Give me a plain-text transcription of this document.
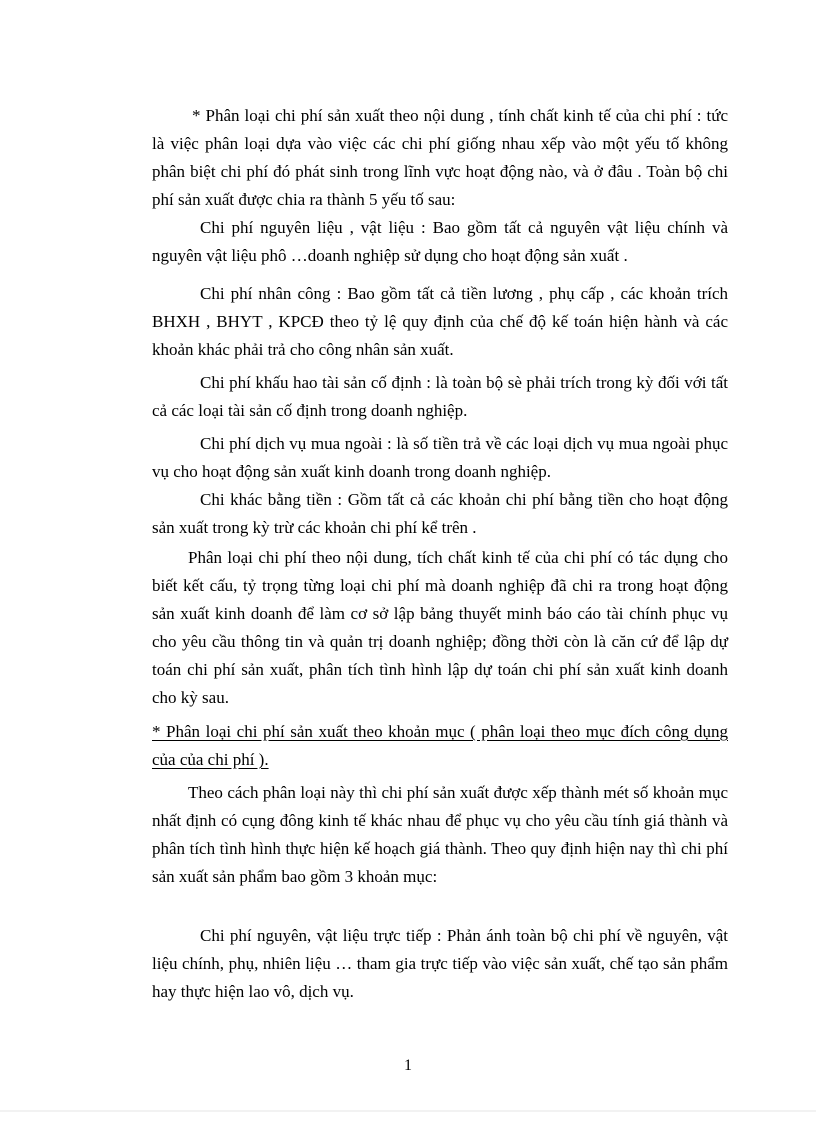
* Phân loại chi phí sản xuất theo nội dung , tính chất kinh tế của chi phí : tức là việc phân loại dựa vào việc các chi phí giống nhau xếp vào một yếu tố không phân biệt chi phí đó phát sinh trong lĩnh vực hoạt động nào, và ở đâu . Toàn bộ chi phí sản xuất được chia ra thành 5 yếu tố sau:

Chi phí nguyên liệu , vật liệu : Bao gồm tất cả nguyên vật liệu chính và nguyên vật liệu phô …doanh nghiệp sử dụng cho hoạt động sản xuất .

Chi phí nhân công : Bao gồm tất cả tiền lương , phụ cấp , các khoản trích BHXH , BHYT , KPCĐ theo tỷ lệ quy định của chế độ kế toán hiện hành và các khoản khác phải trả cho công nhân sản xuất.

Chi phí khấu hao tài sản cố định : là toàn bộ sè phải trích trong kỳ đối với tất cả các loại tài sản cố định trong doanh nghiệp.

Chi phí dịch vụ mua ngoài : là số tiền trả về các loại dịch vụ mua ngoài phục vụ cho hoạt động sản xuất kinh doanh trong doanh nghiệp.

Chi khác bằng tiền : Gồm tất cả các khoản chi phí bằng tiền cho hoạt động sản xuất trong kỳ trừ các khoản chi phí kể trên .

Phân loại chi phí theo nội dung, tích chất kinh tế của chi phí có tác dụng cho biết kết cấu, tỷ trọng từng loại chi phí mà doanh nghiệp đã chi ra trong hoạt động sản xuất kinh doanh để làm cơ sở lập bảng thuyết minh báo cáo tài chính phục vụ cho yêu cầu thông tin và quản trị doanh nghiệp; đồng thời còn là căn cứ để lập dự toán chi phí sản xuất, phân tích tình hình lập dự toán chi phí sản xuất kinh doanh cho kỳ sau.

* Phân loại chi phí sản xuất theo khoản mục ( phân loại theo mục đích công dụng của của chi phí ).

Theo cách phân loại này thì chi phí sản xuất được xếp thành mét số khoản mục nhất định có cụng đông kinh tế khác nhau để phục vụ cho yêu cầu tính giá thành và phân tích tình hình thực hiện kế hoạch giá thành. Theo quy định hiện nay thì chi phí sản xuất sản phẩm bao gồm 3 khoản mục:

Chi phí nguyên, vật liệu trực tiếp : Phản ánh toàn bộ chi phí về nguyên, vật liệu chính, phụ, nhiên liệu … tham gia trực tiếp vào việc sản xuất, chế tạo sản phẩm hay thực hiện lao vô, dịch vụ.

1
